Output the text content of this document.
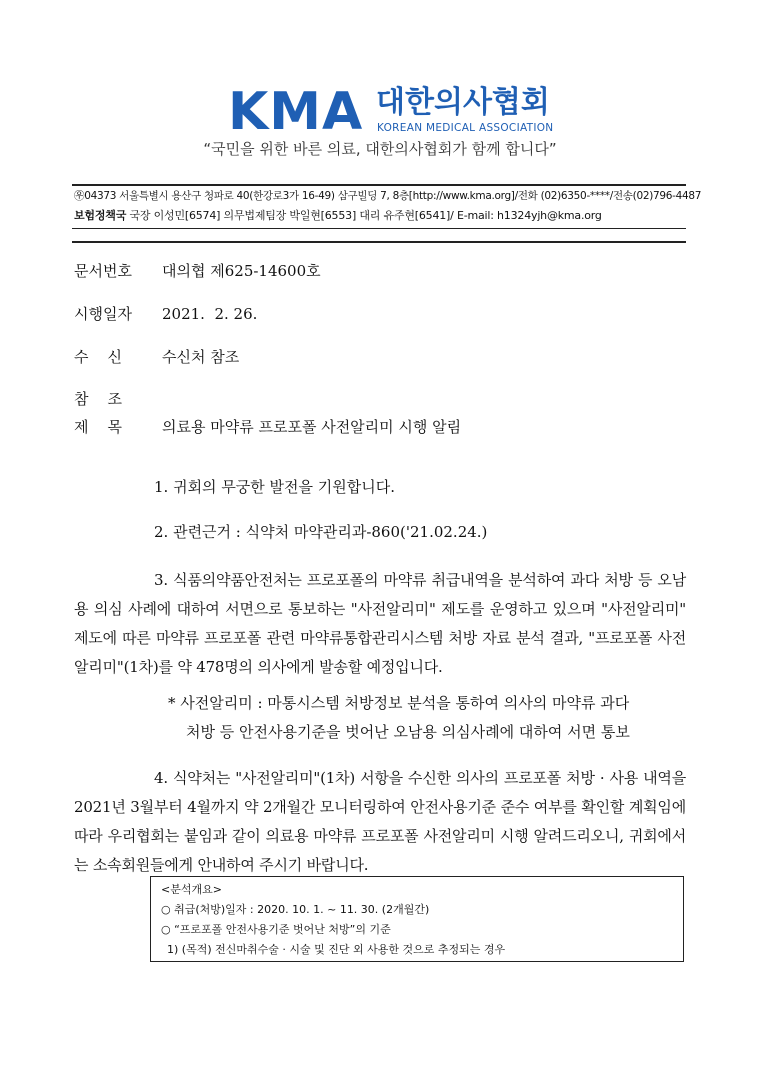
KMA 대한의사협회
KOREAN MEDICAL ASSOCIATION
“국민을 위한 바른 의료, 대한의사협회가 함께 합니다”
㉾04373 서울특별시 용산구 청파로 40(한강로3가 16-49) 삼구빌딩 7, 8층[http://www.kma.org]/전화 (02)6350-****/전송(02)796-4487
보험정책국 국장 이성민[6574] 의무법제팀장 박일현[6553] 대리 유주현[6541]/ E-mail: h1324yjh@kma.org
문서번호 대의협 제625-14600호
시행일자 2021.  2. 26.
수    신	수신처 참조
참    조
제    목	의료용 마약류 프로포폴 사전알리미 시행 알림
1. 귀회의 무궁한 발전을 기원합니다.
2. 관련근거 : 식약처 마약관리과-860('21.02.24.)
3. 식품의약품안전처는 프로포폴의 마약류 취급내역을 분석하여 과다 처방 등 오남용 의심 사례에 대하여 서면으로 통보하는 "사전알리미" 제도를 운영하고 있으며 "사전알리미" 제도에 따른 마약류 프로포폴 관련 마약류통합관리시스템 처방 자료 분석 결과, "프로포폴 사전알리미"(1차)를 약 478명의 의사에게 발송할 예정입니다.
* 사전알리미 : 마통시스템 처방정보 분석을 통하여 의사의 마약류 과다
처방 등 안전사용기준을 벗어난 오남용 의심사례에 대하여 서면 통보
4. 식약처는 "사전알리미"(1차) 서항을 수신한 의사의 프로포폴 처방 · 사용 내역을 2021년 3월부터 4월까지 약 2개월간 모니터링하여 안전사용기준 준수 여부를 확인할 계획임에 따라 우리협회는 붙임과 같이 의료용 마약류 프로포폴 사전알리미 시행 알려드리오니, 귀회에서는 소속회원들에게 안내하여 주시기 바랍니다.
<분석개요>
○ 취급(처방)일자 : 2020. 10. 1. ~ 11. 30. (2개월간)
○ “프로포폴 안전사용기준 벗어난 처방”의 기준
1) (목적) 전신마취수술 · 시술 및 진단 외 사용한 것으로 추정되는 경우
